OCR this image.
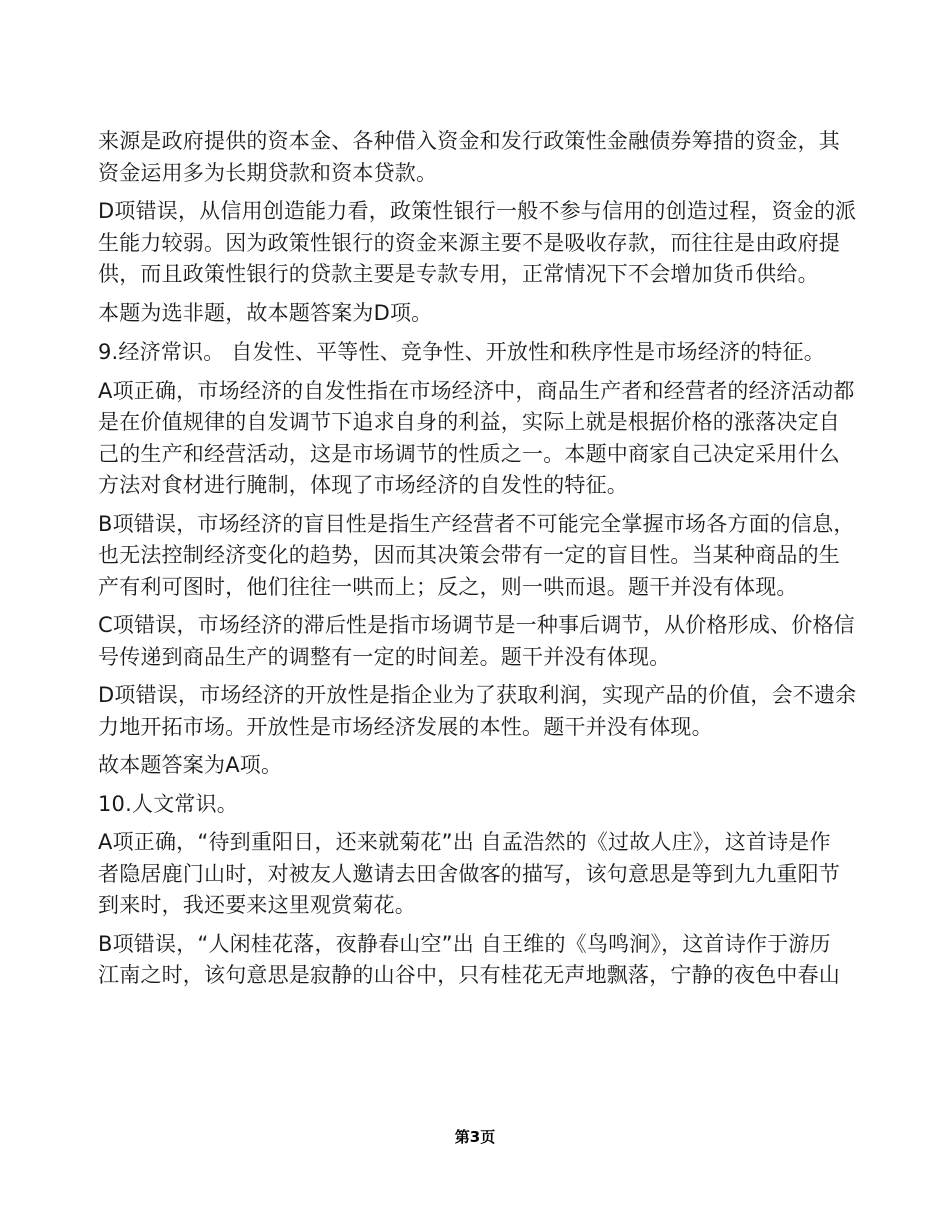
来源是政府提供的资本金、各种借入资金和发行政策性金融债券筹措的资金，其
资金运用多为长期贷款和资本贷款。

D项错误，从信用创造能力看，政策性银行一般不参与信用的创造过程，资金的派
生能力较弱。因为政策性银行的资金来源主要不是吸收存款，而往往是由政府提
供，而且政策性银行的贷款主要是专款专用，正常情况下不会增加货币供给。

本题为选非题，故本题答案为D项。

9.经济常识。 自发性、平等性、竞争性、开放性和秩序性是市场经济的特征。

A项正确，市场经济的自发性指在市场经济中，商品生产者和经营者的经济活动都
是在价值规律的自发调节下追求自身的利益，实际上就是根据价格的涨落决定自
己的生产和经营活动，这是市场调节的性质之一。本题中商家自己决定采用什么
方法对食材进行腌制，体现了市场经济的自发性的特征。

B项错误，市场经济的盲目性是指生产经营者不可能完全掌握市场各方面的信息，
也无法控制经济变化的趋势，因而其决策会带有一定的盲目性。当某种商品的生
产有利可图时，他们往往一哄而上；反之，则一哄而退。题干并没有体现。

C项错误，市场经济的滞后性是指市场调节是一种事后调节，从价格形成、价格信
号传递到商品生产的调整有一定的时间差。题干并没有体现。

D项错误，市场经济的开放性是指企业为了获取利润，实现产品的价值，会不遗余
力地开拓市场。开放性是市场经济发展的本性。题干并没有体现。

故本题答案为A项。

10.人文常识。

A项正确，“待到重阳日，还来就菊花”出 自孟浩然的《过故人庄》，这首诗是作
者隐居鹿门山时，对被友人邀请去田舍做客的描写，该句意思是等到九九重阳节
到来时，我还要来这里观赏菊花。

B项错误，“人闲桂花落，夜静春山空”出 自王维的《鸟鸣涧》，这首诗作于游历
江南之时，该句意思是寂静的山谷中，只有桂花无声地飘落，宁静的夜色中春山

第3页
